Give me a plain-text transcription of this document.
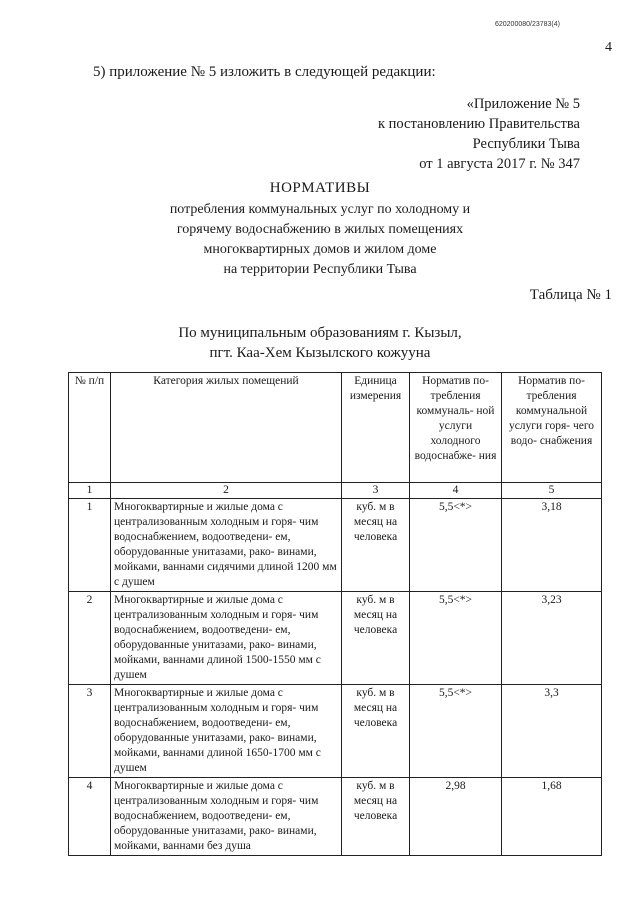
620200080/23783(4)
4
5) приложение № 5 изложить в следующей редакции:
«Приложение № 5
к постановлению Правительства
Республики Тыва
от 1 августа 2017 г. № 347
НОРМАТИВЫ
потребления коммунальных услуг по холодному и
горячему водоснабжению в жилых помещениях
многоквартирных домов и жилом доме
на территории Республики Тыва
Таблица № 1
По муниципальным образованиям г. Кызыл,
пгт. Каа-Хем Кызылского кожууна
№ п/п	Категория жилых помещений	Единица измерения	Норматив по- требления коммуналь- ной услуги холодного водоснабже- ния	Норматив по- требления коммунальной услуги горя- чего водо- снабжения
1	2	3	4	5
1	Многоквартирные и жилые дома с централизованным холодным и горя- чим водоснабжением, водоотведени- ем, оборудованные унитазами, рако- винами, мойками, ваннами сидячими длиной 1200 мм с душем	куб. м в месяц на человека	5,5<*>	3,18
2	Многоквартирные и жилые дома с централизованным холодным и горя- чим водоснабжением, водоотведени- ем, оборудованные унитазами, рако- винами, мойками, ваннами длиной 1500-1550 мм с душем	куб. м в месяц на человека	5,5<*>	3,23
3	Многоквартирные и жилые дома с централизованным холодным и горя- чим водоснабжением, водоотведени- ем, оборудованные унитазами, рако- винами, мойками, ваннами длиной 1650-1700 мм с душем	куб. м в месяц на человека	5,5<*>	3,3
4	Многоквартирные и жилые дома с централизованным холодным и горя- чим водоснабжением, водоотведени- ем, оборудованные унитазами, рако- винами, мойками, ваннами без душа	куб. м в месяц на человека	2,98	1,68
